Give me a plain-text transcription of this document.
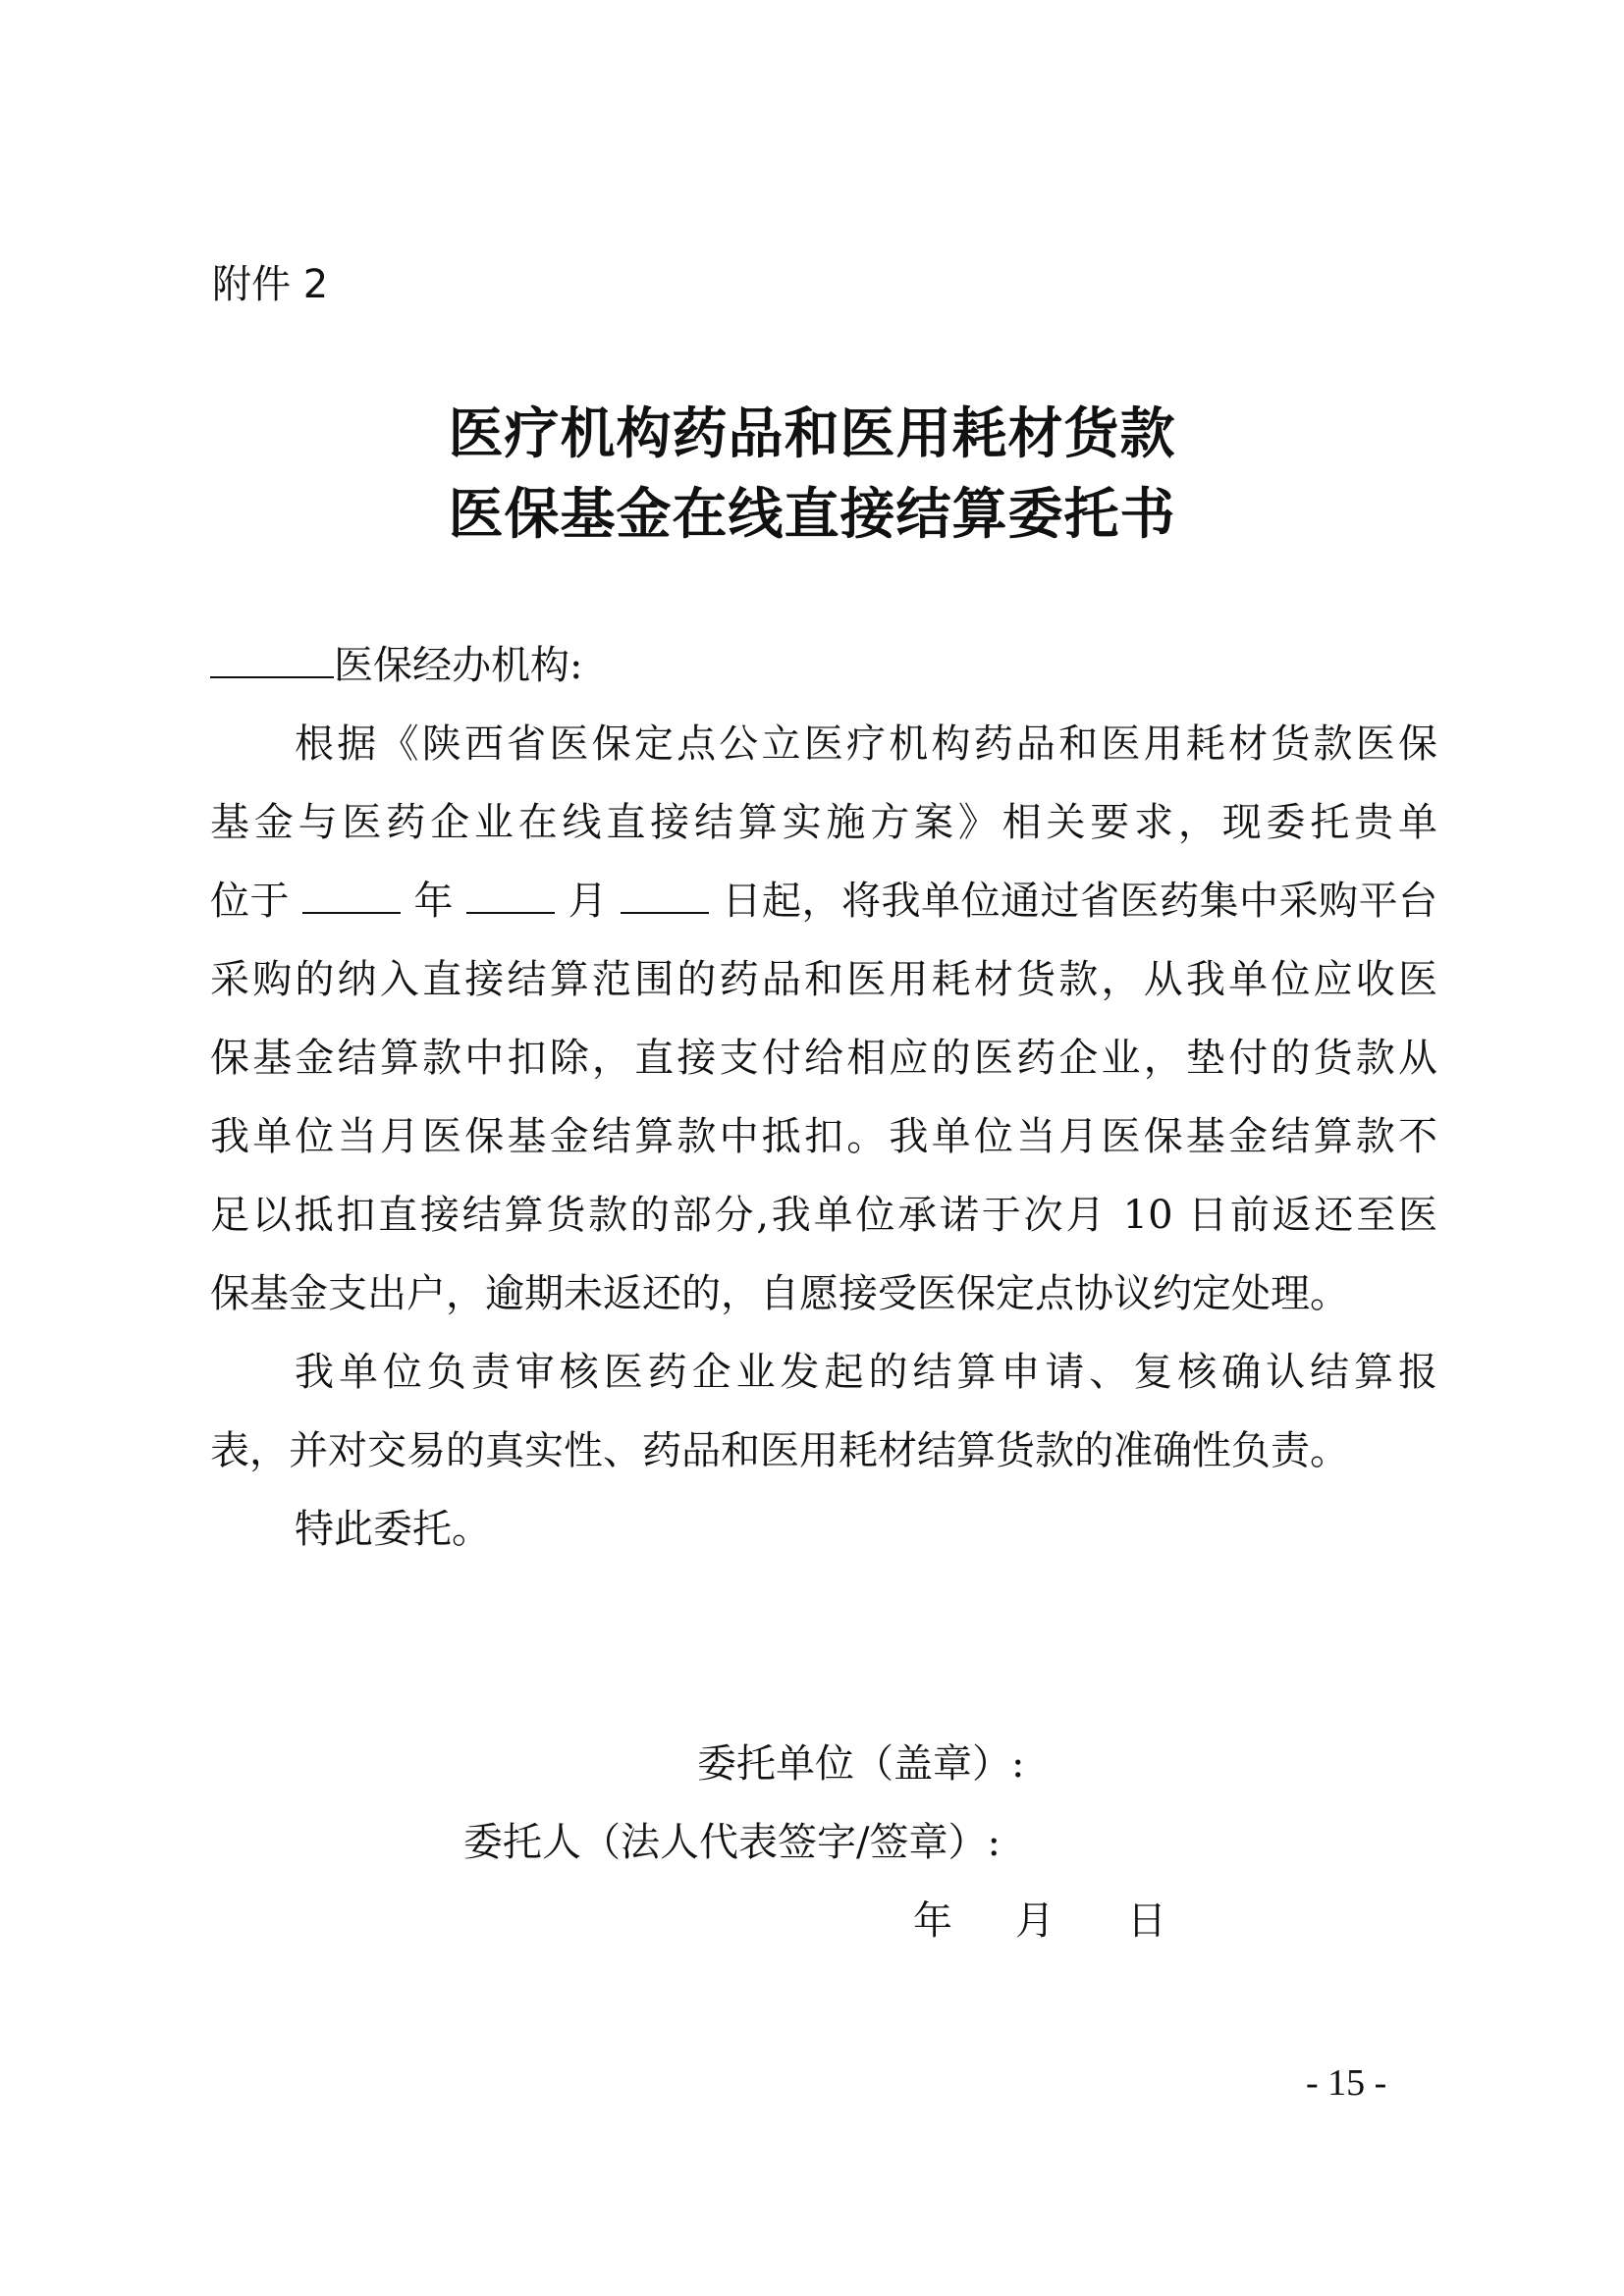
附件 2
医疗机构药品和医用耗材货款
医保基金在线直接结算委托书
医保经办机构:
根据《陕西省医保定点公立医疗机构药品和医用耗材货款医保
基金与医药企业在线直接结算实施方案》相关要求，现委托贵单
位于	年	月	日起，将我单位通过省医药集中采购平台
采购的纳入直接结算范围的药品和医用耗材货款，从我单位应收医
保基金结算款中扣除，直接支付给相应的医药企业，垫付的货款从
我单位当月医保基金结算款中抵扣。我单位当月医保基金结算款不
足以抵扣直接结算货款的部分,我单位承诺于次月 10 日前返还至医
保基金支出户，逾期未返还的，自愿接受医保定点协议约定处理。
我单位负责审核医药企业发起的结算申请、复核确认结算报
表，并对交易的真实性、药品和医用耗材结算货款的准确性负责。
特此委托。
委托单位（盖章）:
委托人（法人代表签字/签章）:
年 月 日
- 15 -
